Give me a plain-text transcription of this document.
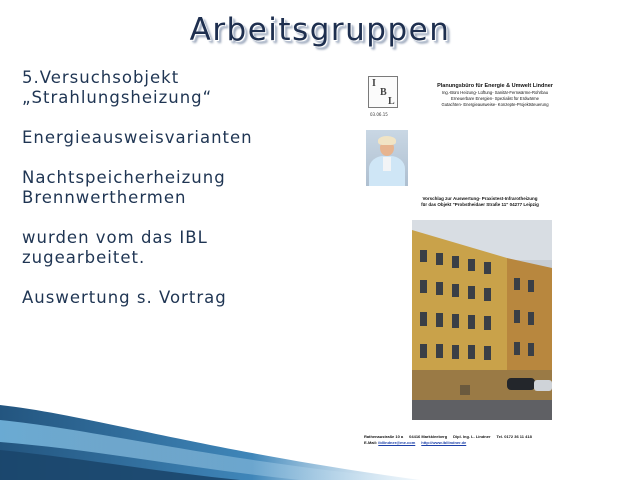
Arbeitsgruppen
5.Versuchsobjekt
„Strahlungsheizung“
Energieausweisvarianten
Nachtspeicherheizung
Brennwerthermen
wurden vom das IBL
zugearbeitet.
Auswertung s. Vortrag
I
B
L
03.06.15
Planungsbüro für Energie & Umwelt Lindner
Ing.-Büro Heizung- Lüftung- Sanitär-Fernwärme-Rohrbau
Erneuerbare Energien- Spezialist für Erdwärme
Gutachten- Energieausweise- Konzepte-Projektsteuerung
Vorschlag zur Auswertung- Praxistest-Infrarotheizung
für das Objekt "Probstheidaer Straße 11" 04277 Leipzig
Rathenaustraße 10 a 04416 Markkleeberg Dipl. Ing. L. Lindner Tel. 0172 36 11 418
E-Mail: ibllindner@me.com http://www.ibllindner.de
